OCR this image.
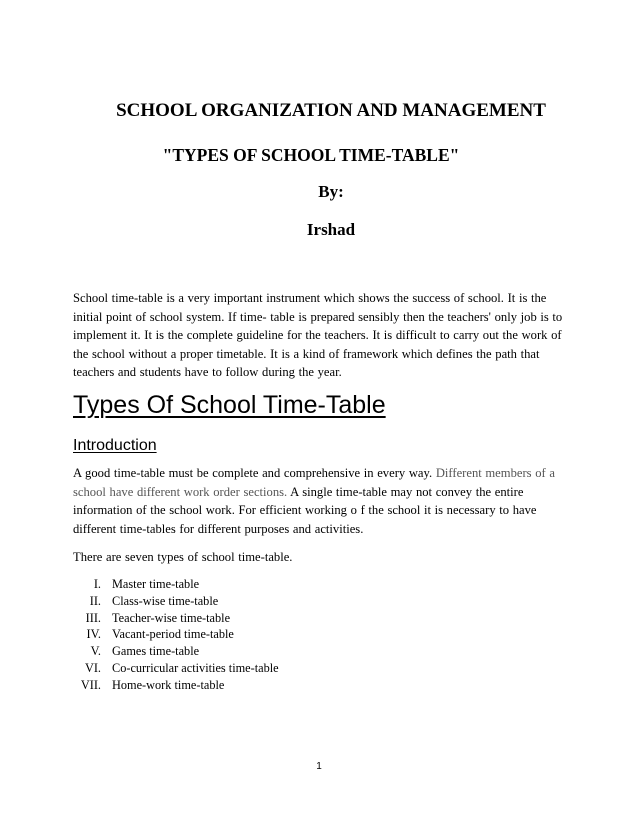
SCHOOL ORGANIZATION AND MANAGEMENT
"TYPES OF SCHOOL TIME-TABLE"
By:
Irshad
School time-table is a very important instrument which shows the success of school. It is the
initial point of school system. If time- table is prepared sensibly then the teachers' only job is to
implement it. It is the complete guideline for the teachers. It is difficult to carry out the work of
the school without a proper timetable. It is a kind of framework which defines the path that
teachers and students have to follow during the year.
Types Of School Time-Table
Introduction
A good time-table must be complete and comprehensive in every way. Different members of a
school have different work order sections. A single time-table may not convey the entire
information of the school work. For efficient working o f the school it is necessary to have
different time-tables for different purposes and activities.
There are seven types of school time-table.
I. Master time-table
II. Class-wise time-table
III. Teacher-wise time-table
IV. Vacant-period time-table
V. Games time-table
VI. Co-curricular activities time-table
VII. Home-work time-table
1
